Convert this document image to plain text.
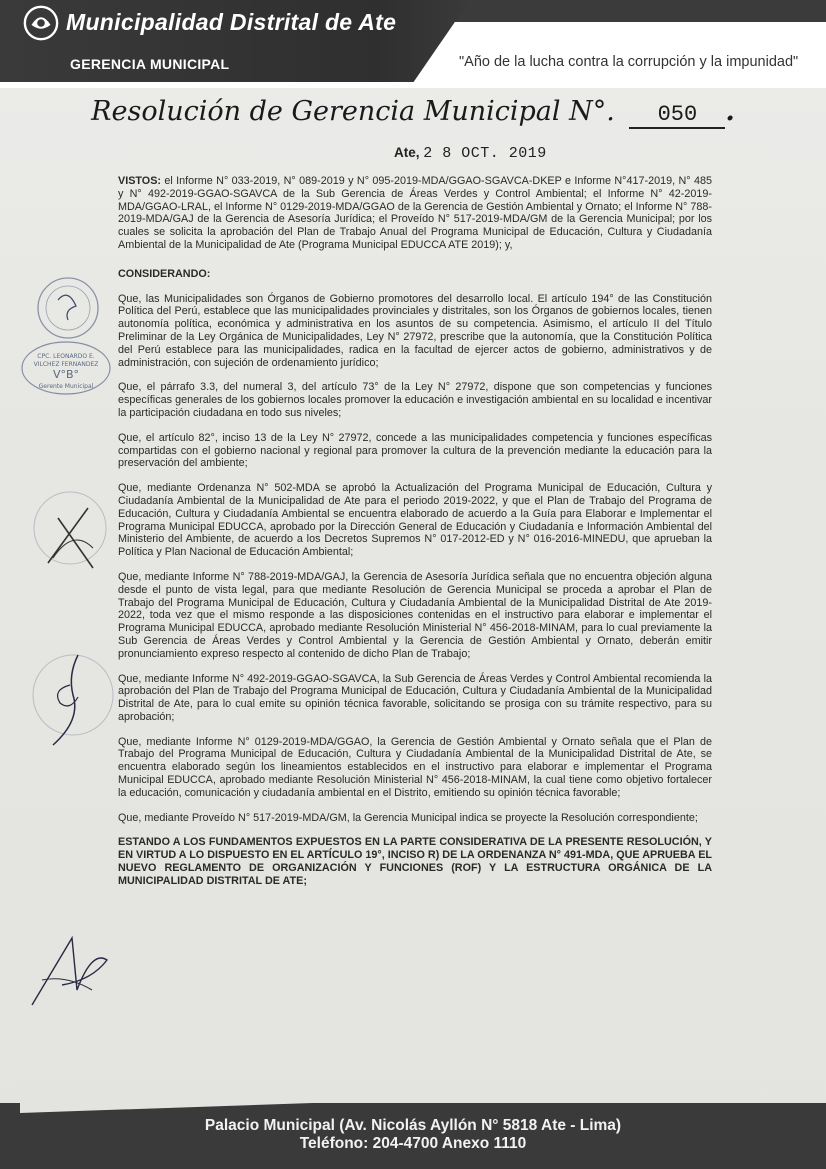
Municipalidad Distrital de Ate
GERENCIA MUNICIPAL	"Año de la lucha contra la corrupción y la impunidad"
Resolución de Gerencia Municipal N°. 050 .
Ate, 2 8 OCT. 2019

VISTOS: el Informe N° 033-2019, N° 089-2019 y N° 095-2019-MDA/GGAO-SGAVCA-DKEP e Informe N°417-2019, N° 485 y N° 492-2019-GGAO-SGAVCA de la Sub Gerencia de Áreas Verdes y Control Ambiental; el Informe N° 42-2019-MDA/GGAO-LRAL, el Informe N° 0129-2019-MDA/GGAO de la Gerencia de Gestión Ambiental y Ornato; el Informe N° 788-2019-MDA/GAJ de la Gerencia de Asesoría Jurídica; el Proveído N° 517-2019-MDA/GM de la Gerencia Municipal; por los cuales se solicita la aprobación del Plan de Trabajo Anual del Programa Municipal de Educación, Cultura y Ciudadanía Ambiental de la Municipalidad de Ate (Programa Municipal EDUCCA ATE 2019); y,

CONSIDERANDO:

Que, las Municipalidades son Órganos de Gobierno promotores del desarrollo local. El artículo 194° de las Constitución Política del Perú, establece que las municipalidades provinciales y distritales, son los Órganos de gobiernos locales, tienen autonomía política, económica y administrativa en los asuntos de su competencia. Asimismo, el artículo II del Título Preliminar de la Ley Orgánica de Municipalidades, Ley N° 27972, prescribe que la autonomía, que la Constitución Política del Perú establece para las municipalidades, radica en la facultad de ejercer actos de gobierno, administrativos y de administración, con sujeción de ordenamiento jurídico;

Que, el párrafo 3.3, del numeral 3, del artículo 73° de la Ley N° 27972, dispone que son competencias y funciones específicas generales de los gobiernos locales promover la educación e investigación ambiental en su localidad e incentivar la participación ciudadana en todo sus niveles;

Que, el artículo 82°, inciso 13 de la Ley N° 27972, concede a las municipalidades competencia y funciones específicas compartidas con el gobierno nacional y regional para promover la cultura de la prevención mediante la educación para la preservación del ambiente;

Que, mediante Ordenanza N° 502-MDA se aprobó la Actualización del Programa Municipal de Educación, Cultura y Ciudadanía Ambiental de la Municipalidad de Ate para el periodo 2019-2022, y que el Plan de Trabajo del Programa de Educación, Cultura y Ciudadanía Ambiental se encuentra elaborado de acuerdo a la Guía para Elaborar e Implementar el Programa Municipal EDUCCA, aprobado por la Dirección General de Educación y Ciudadanía e Información Ambiental del Ministerio del Ambiente, de acuerdo a los Decretos Supremos N° 017-2012-ED y N° 016-2016-MINEDU, que aprueban la Política y Plan Nacional de Educación Ambiental;

Que, mediante Informe N° 788-2019-MDA/GAJ, la Gerencia de Asesoría Jurídica señala que no encuentra objeción alguna desde el punto de vista legal, para que mediante Resolución de Gerencia Municipal se proceda a aprobar el Plan de Trabajo del Programa Municipal de Educación, Cultura y Ciudadanía Ambiental de la Municipalidad Distrital de Ate 2019-2022, toda vez que el mismo responde a las disposiciones contenidas en el instructivo para elaborar e implementar el Programa Municipal EDUCCA, aprobado mediante Resolución Ministerial N° 456-2018-MINAM, para lo cual previamente la Sub Gerencia de Áreas Verdes y Control Ambiental y la Gerencia de Gestión Ambiental y Ornato, deberán emitir pronunciamiento expreso respecto al contenido de dicho Plan de Trabajo;

Que, mediante Informe N° 492-2019-GGAO-SGAVCA, la Sub Gerencia de Áreas Verdes y Control Ambiental recomienda la aprobación del Plan de Trabajo del Programa Municipal de Educación, Cultura y Ciudadanía Ambiental de la Municipalidad Distrital de Ate, para lo cual emite su opinión técnica favorable, solicitando se prosiga con su trámite respectivo, para su aprobación;

Que, mediante Informe N° 0129-2019-MDA/GGAO, la Gerencia de Gestión Ambiental y Ornato señala que el Plan de Trabajo del Programa Municipal de Educación, Cultura y Ciudadanía Ambiental de la Municipalidad Distrital de Ate, se encuentra elaborado según los lineamientos establecidos en el instructivo para elaborar e implementar el Programa Municipal EDUCCA, aprobado mediante Resolución Ministerial N° 456-2018-MINAM, la cual tiene como objetivo fortalecer la educación, comunicación y ciudadanía ambiental en el Distrito, emitiendo su opinión técnica favorable;

Que, mediante Proveído N° 517-2019-MDA/GM, la Gerencia Municipal indica se proyecte la Resolución correspondiente;

ESTANDO A LOS FUNDAMENTOS EXPUESTOS EN LA PARTE CONSIDERATIVA DE LA PRESENTE RESOLUCIÓN, Y EN VIRTUD A LO DISPUESTO EN EL ARTÍCULO 19°, INCISO R) DE LA ORDENANZA N° 491-MDA, QUE APRUEBA EL NUEVO REGLAMENTO DE ORGANIZACIÓN Y FUNCIONES (ROF) Y LA ESTRUCTURA ORGÁNICA DE LA MUNICIPALIDAD DISTRITAL DE ATE;

CPC. LEONARDO E.
VILCHEZ FERNANDEZ
V°B°
Gerente Municipal
Palacio Municipal (Av. Nicolás Ayllón N° 5818 Ate - Lima)
Teléfono: 204-4700 Anexo 1110
